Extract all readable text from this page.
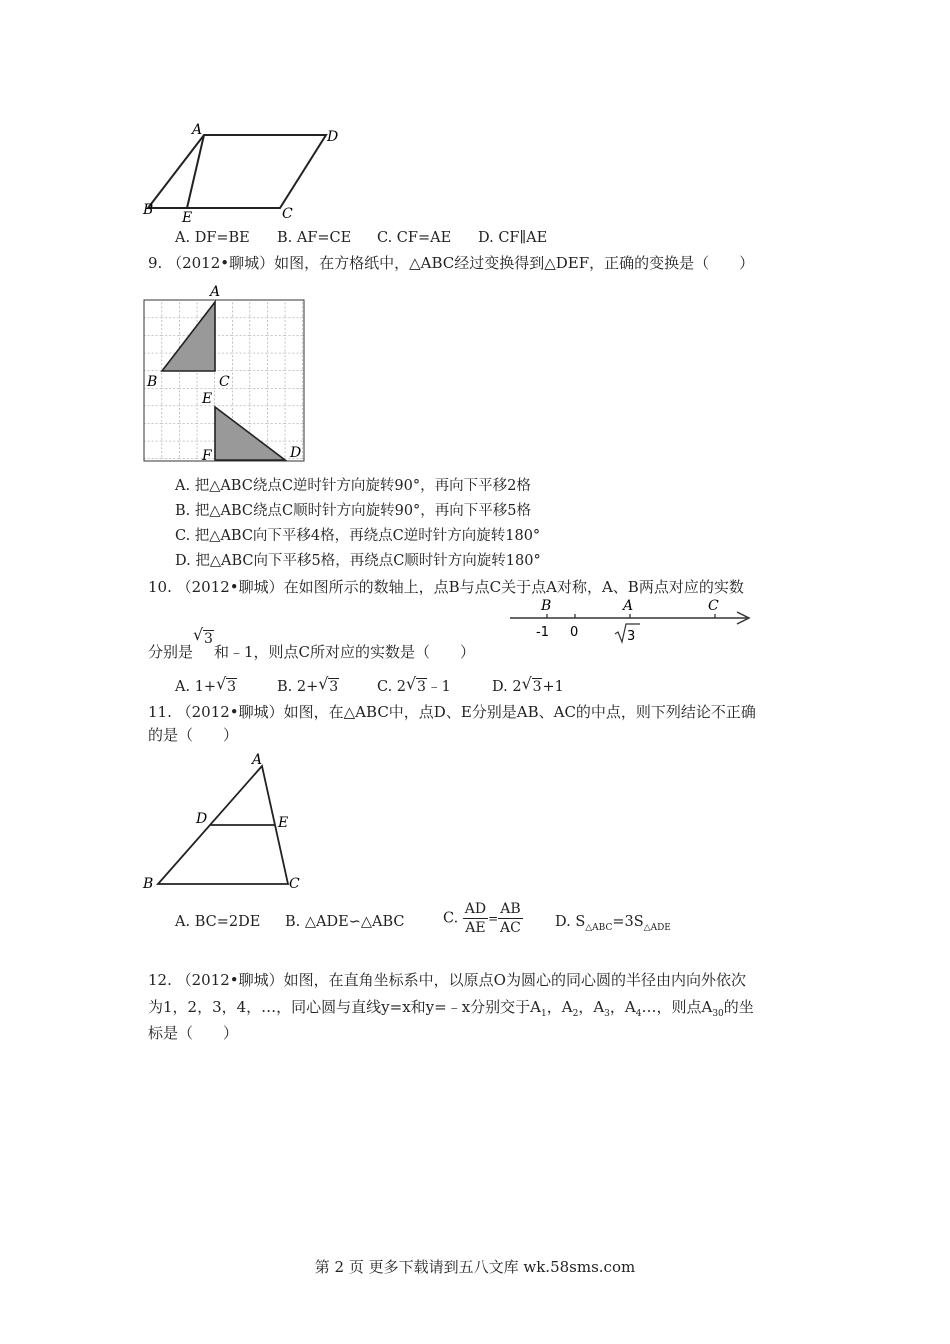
A	D
B E	C
A. DF=BE B. AF=CE C. CF=AE D. CF∥AE
9. （2012•聊城）如图，在方格纸中，△ABC经过变换得到△DEF，正确的变换是（　　）
A
B	C
E
F	D
A. 把△ABC绕点C逆时针方向旋转90°，再向下平移2格
B. 把△ABC绕点C顺时针方向旋转90°，再向下平移5格
C. 把△ABC向下平移4格，再绕点C逆时针方向旋转180°
D. 把△ABC向下平移5格，再绕点C顺时针方向旋转180°
10. （2012•聊城）在如图所示的数轴上，点B与点C关于点A对称，A、B两点对应的实数
B	A	C
-1 0	3
分别是
√ 3和﹣1，则点C所对应的实数是（　　）
A. 1+ √ 3	B. 2+ √ 3	C. 2 √ 3﹣1	D. 2 √ 3+1
11. （2012•聊城）如图，在△ABC中，点D、E分别是AB、AC的中点，则下列结论不正确
的是（　　）
A
D	E
B	C
A. BC=2DE B. △ADE∽△ABC	C. $\frac{AD}{AE} = \frac{AB}{AC} D$. $S_{\triangle ABC}=3S_{\triangle ADE}$
12. （2012•聊城）如图，在直角坐标系中，以原点O为圆心的同心圆的半径由内向外依次
为1，2，3，4，…，同心圆与直线y=x和y=﹣x分别交于$A_1$，$A_2$，$A_3$，$A_4\dots$，则点$A_{30}$的坐
标是（　　）
第 2 页 更多下载请到五八文库 wk.58sms.com
